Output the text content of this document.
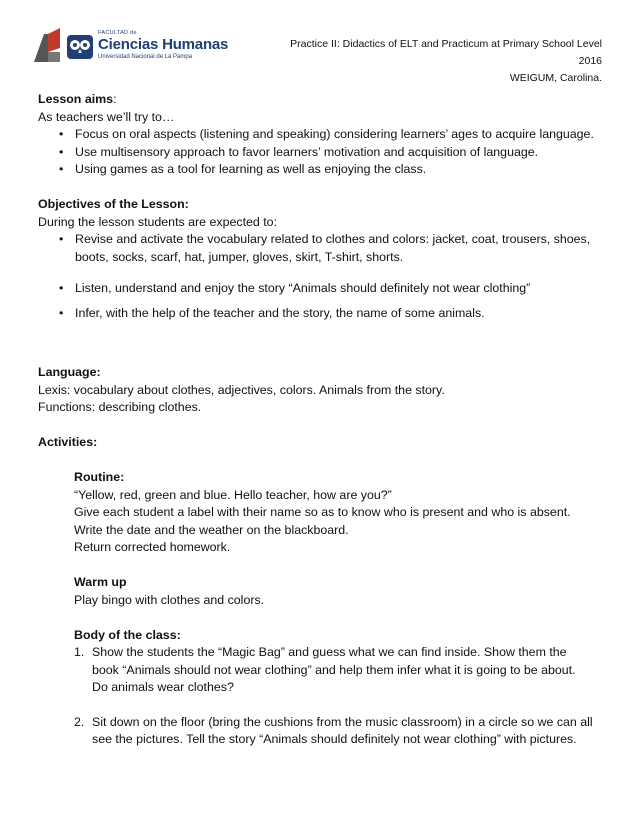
FACULTAD de
Ciencias Humanas
Universidad Nacional de La Pampa
Practice II: Didactics of ELT and Practicum at Primary School Level
2016
WEIGUM, Carolina.
Lesson aims:
As teachers we’ll try to…
• Focus on oral aspects (listening and speaking) considering learners’ ages to acquire language.
• Use multisensory approach to favor learners’ motivation and acquisition of language.
• Using games as a tool for learning as well as enjoying the class.
Objectives of the Lesson:
During the lesson students are expected to:
• Revise and activate the vocabulary related to clothes and colors: jacket, coat, trousers, shoes,
boots, socks, scarf, hat, jumper, gloves, skirt, T-shirt, shorts.
• Listen, understand and enjoy the story “Animals should definitely not wear clothing”
• Infer, with the help of the teacher and the story, the name of some animals.
Language:
Lexis: vocabulary about clothes, adjectives, colors. Animals from the story.
Functions: describing clothes.
Activities:
Routine:
“Yellow, red, green and blue. Hello teacher, how are you?”
Give each student a label with their name so as to know who is present and who is absent.
Write the date and the weather on the blackboard.
Return corrected homework.
Warm up
Play bingo with clothes and colors.
Body of the class:
1. Show the students the “Magic Bag” and guess what we can find inside. Show them the
book “Animals should not wear clothing” and help them infer what it is going to be about.
Do animals wear clothes?
2. Sit down on the floor (bring the cushions from the music classroom) in a circle so we can all
see the pictures. Tell the story “Animals should definitely not wear clothing” with pictures.
